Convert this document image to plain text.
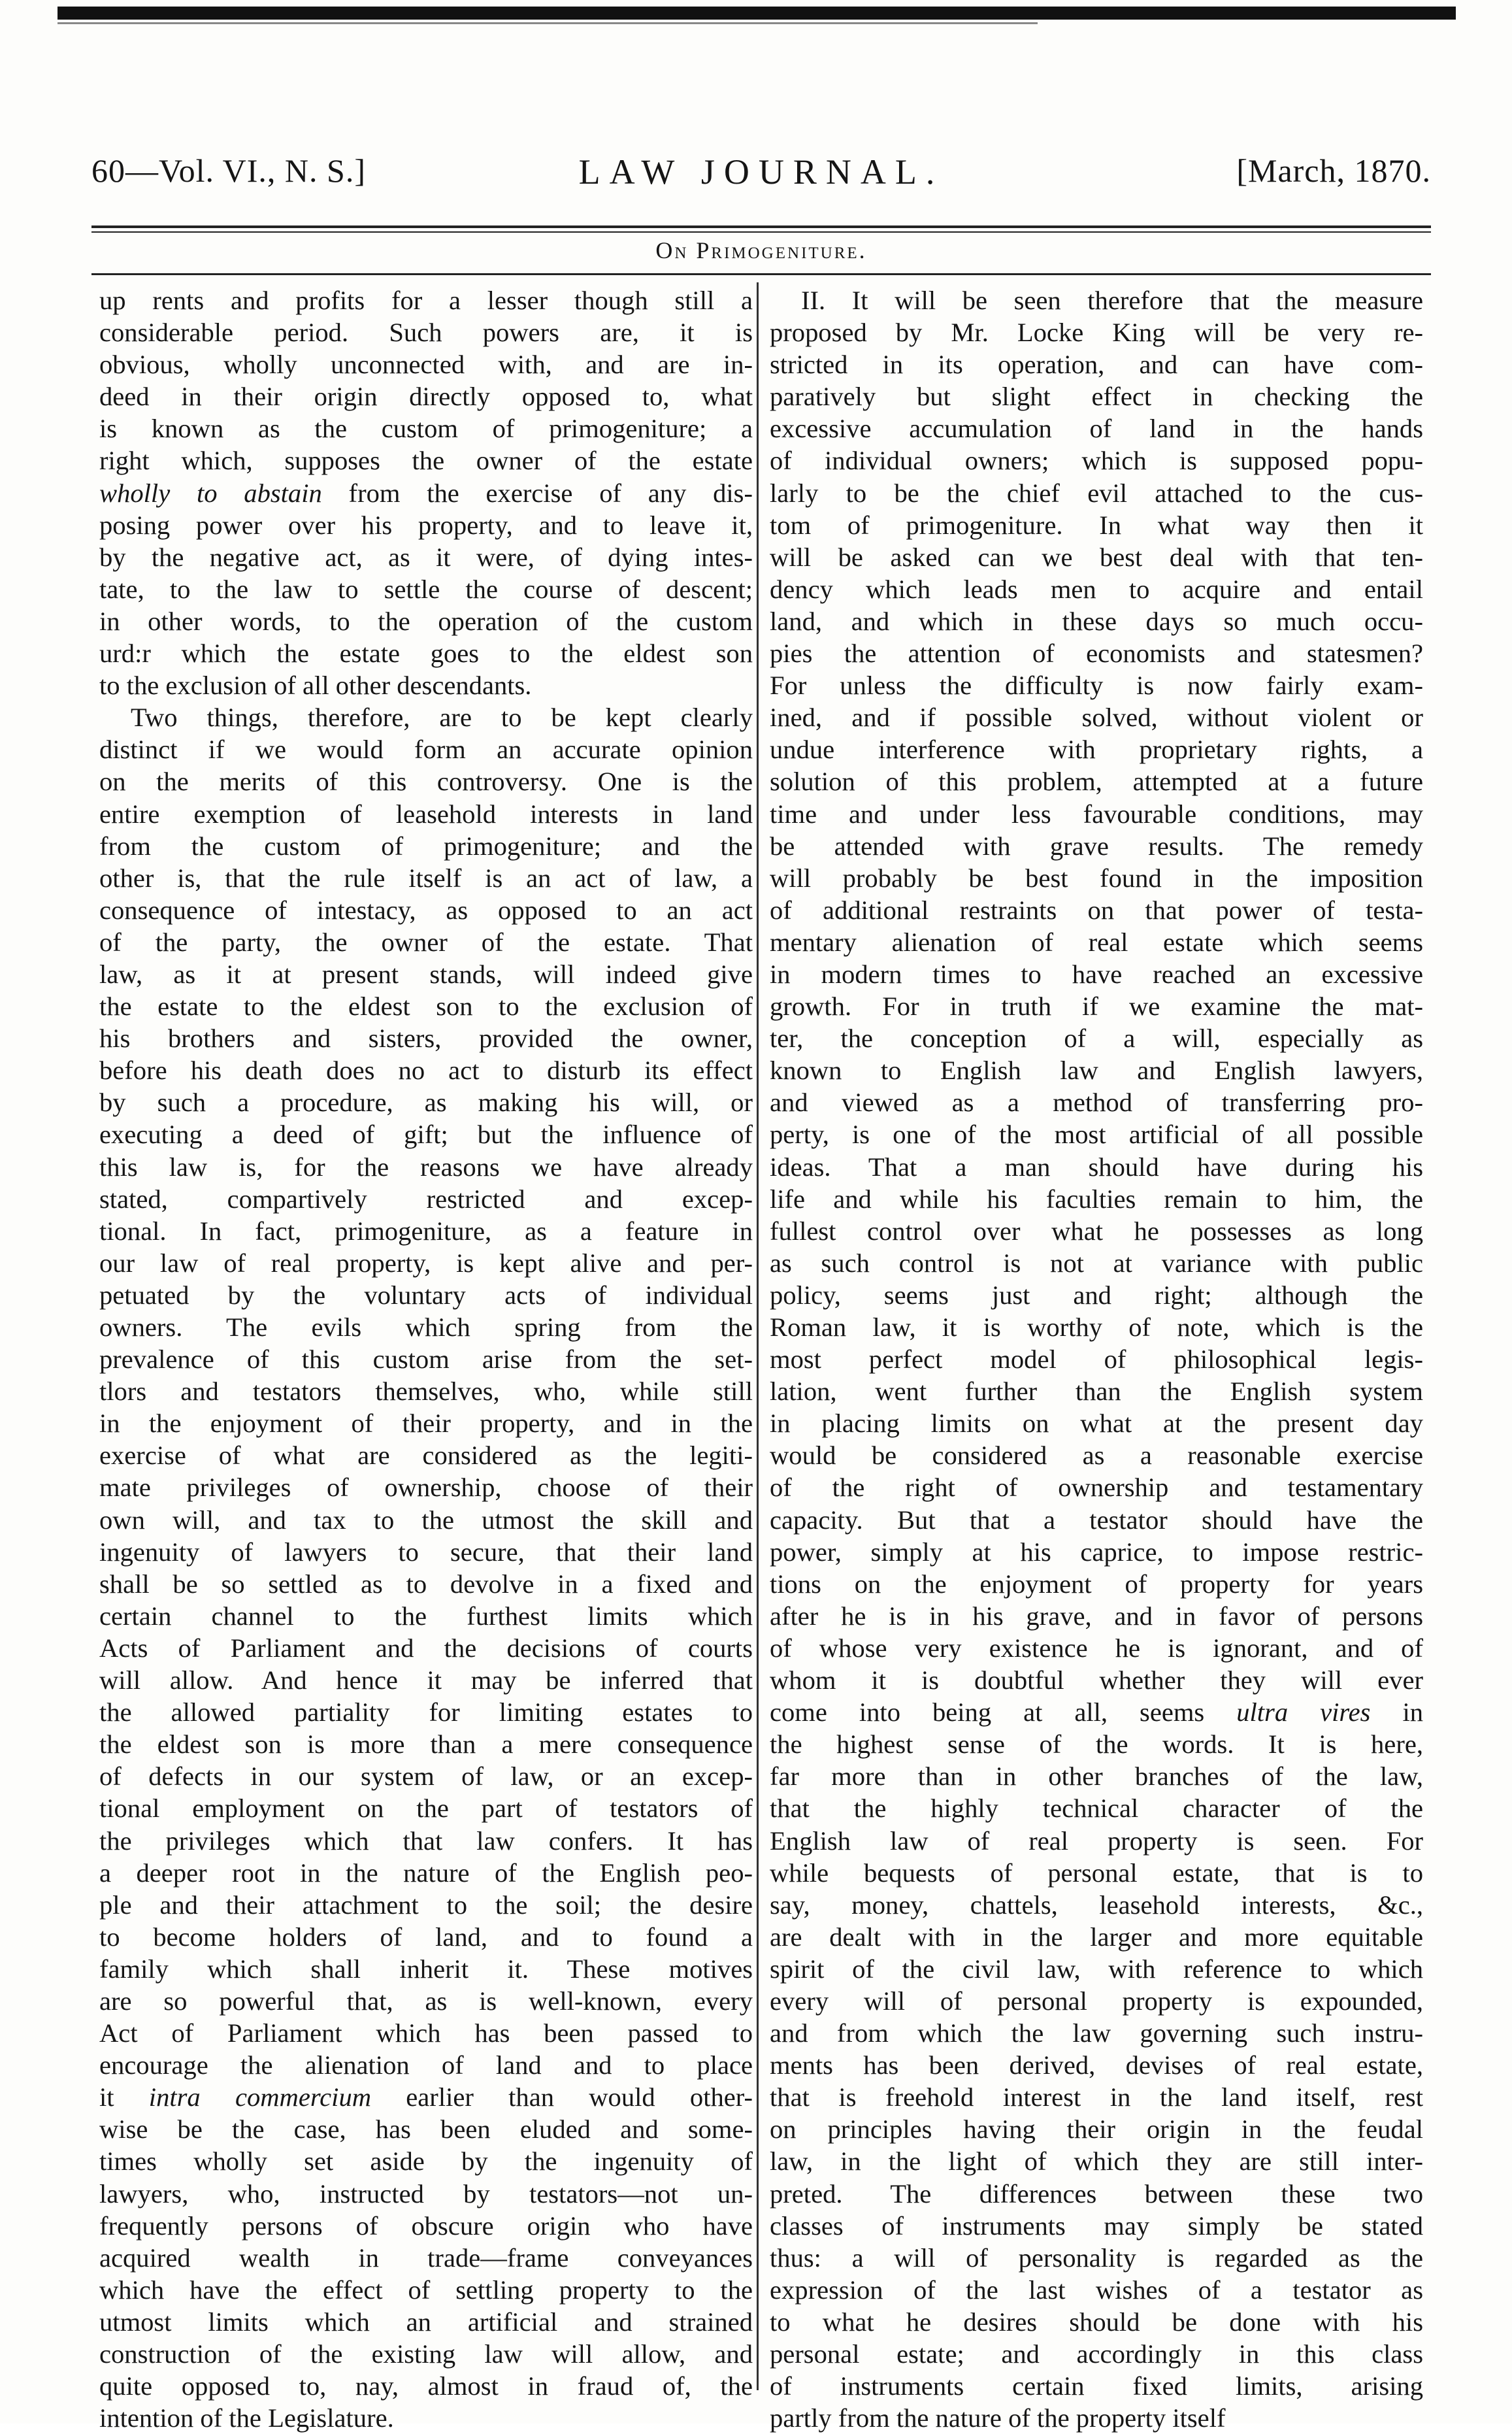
60—Vol. VI., N. S.]	LAW JOURNAL.	[March, 1870.
On Primogeniture.
up rents and profits for a lesser though still a
considerable period. Such powers are, it is
obvious, wholly unconnected with, and are in-
deed in their origin directly opposed to, what
is known as the custom of primogeniture; a
right which, supposes the owner of the estate
wholly to abstain from the exercise of any dis-
posing power over his property, and to leave it,
by the negative act, as it were, of dying intes-
tate, to the law to settle the course of descent;
in other words, to the operation of the custom
urd:r which the estate goes to the eldest son
to the exclusion of all other descendants.
Two things, therefore, are to be kept clearly
distinct if we would form an accurate opinion
on the merits of this controversy. One is the
entire exemption of leasehold interests in land
from the custom of primogeniture; and the
other is, that the rule itself is an act of law, a
consequence of intestacy, as opposed to an act
of the party, the owner of the estate. That
law, as it at present stands, will indeed give
the estate to the eldest son to the exclusion of
his brothers and sisters, provided the owner,
before his death does no act to disturb its effect
by such a procedure, as making his will, or
executing a deed of gift; but the influence of
this law is, for the reasons we have already
stated, compartively restricted and excep-
tional. In fact, primogeniture, as a feature in
our law of real property, is kept alive and per-
petuated by the voluntary acts of individual
owners. The evils which spring from the
prevalence of this custom arise from the set-
tlors and testators themselves, who, while still
in the enjoyment of their property, and in the
exercise of what are considered as the legiti-
mate privileges of ownership, choose of their
own will, and tax to the utmost the skill and
ingenuity of lawyers to secure, that their land
shall be so settled as to devolve in a fixed and
certain channel to the furthest limits which
Acts of Parliament and the decisions of courts
will allow. And hence it may be inferred that
the allowed partiality for limiting estates to
the eldest son is more than a mere consequence
of defects in our system of law, or an excep-
tional employment on the part of testators of
the privileges which that law confers. It has
a deeper root in the nature of the English peo-
ple and their attachment to the soil; the desire
to become holders of land, and to found a
family which shall inherit it. These motives
are so powerful that, as is well-known, every
Act of Parliament which has been passed to
encourage the alienation of land and to place
it intra commercium earlier than would other-
wise be the case, has been eluded and some-
times wholly set aside by the ingenuity of
lawyers, who, instructed by testators—not un-
frequently persons of obscure origin who have
acquired wealth in trade—frame conveyances
which have the effect of settling property to the
utmost limits which an artificial and strained
construction of the existing law will allow, and
quite opposed to, nay, almost in fraud of, the
intention of the Legislature.
II. It will be seen therefore that the measure
proposed by Mr. Locke King will be very re-
stricted in its operation, and can have com-
paratively but slight effect in checking the
excessive accumulation of land in the hands
of individual owners; which is supposed popu-
larly to be the chief evil attached to the cus-
tom of primogeniture. In what way then it
will be asked can we best deal with that ten-
dency which leads men to acquire and entail
land, and which in these days so much occu-
pies the attention of economists and statesmen?
For unless the difficulty is now fairly exam-
ined, and if possible solved, without violent or
undue interference with proprietary rights, a
solution of this problem, attempted at a future
time and under less favourable conditions, may
be attended with grave results. The remedy
will probably be best found in the imposition
of additional restraints on that power of testa-
mentary alienation of real estate which seems
in modern times to have reached an excessive
growth. For in truth if we examine the mat-
ter, the conception of a will, especially as
known to English law and English lawyers,
and viewed as a method of transferring pro-
perty, is one of the most artificial of all possible
ideas. That a man should have during his
life and while his faculties remain to him, the
fullest control over what he possesses as long
as such control is not at variance with public
policy, seems just and right; although the
Roman law, it is worthy of note, which is the
most perfect model of philosophical legis-
lation, went further than the English system
in placing limits on what at the present day
would be considered as a reasonable exercise
of the right of ownership and testamentary
capacity. But that a testator should have the
power, simply at his caprice, to impose restric-
tions on the enjoyment of property for years
after he is in his grave, and in favor of persons
of whose very existence he is ignorant, and of
whom it is doubtful whether they will ever
come into being at all, seems ultra vires in
the highest sense of the words. It is here,
far more than in other branches of the law,
that the highly technical character of the
English law of real property is seen. For
while bequests of personal estate, that is to
say, money, chattels, leasehold interests, &c.,
are dealt with in the larger and more equitable
spirit of the civil law, with reference to which
every will of personal property is expounded,
and from which the law governing such instru-
ments has been derived, devises of real estate,
that is freehold interest in the land itself, rest
on principles having their origin in the feudal
law, in the light of which they are still inter-
preted. The differences between these two
classes of instruments may simply be stated
thus: a will of personality is regarded as the
expression of the last wishes of a testator as
to what he desires should be done with his
personal estate; and accordingly in this class
of instruments certain fixed limits, arising
partly from the nature of the property itself
